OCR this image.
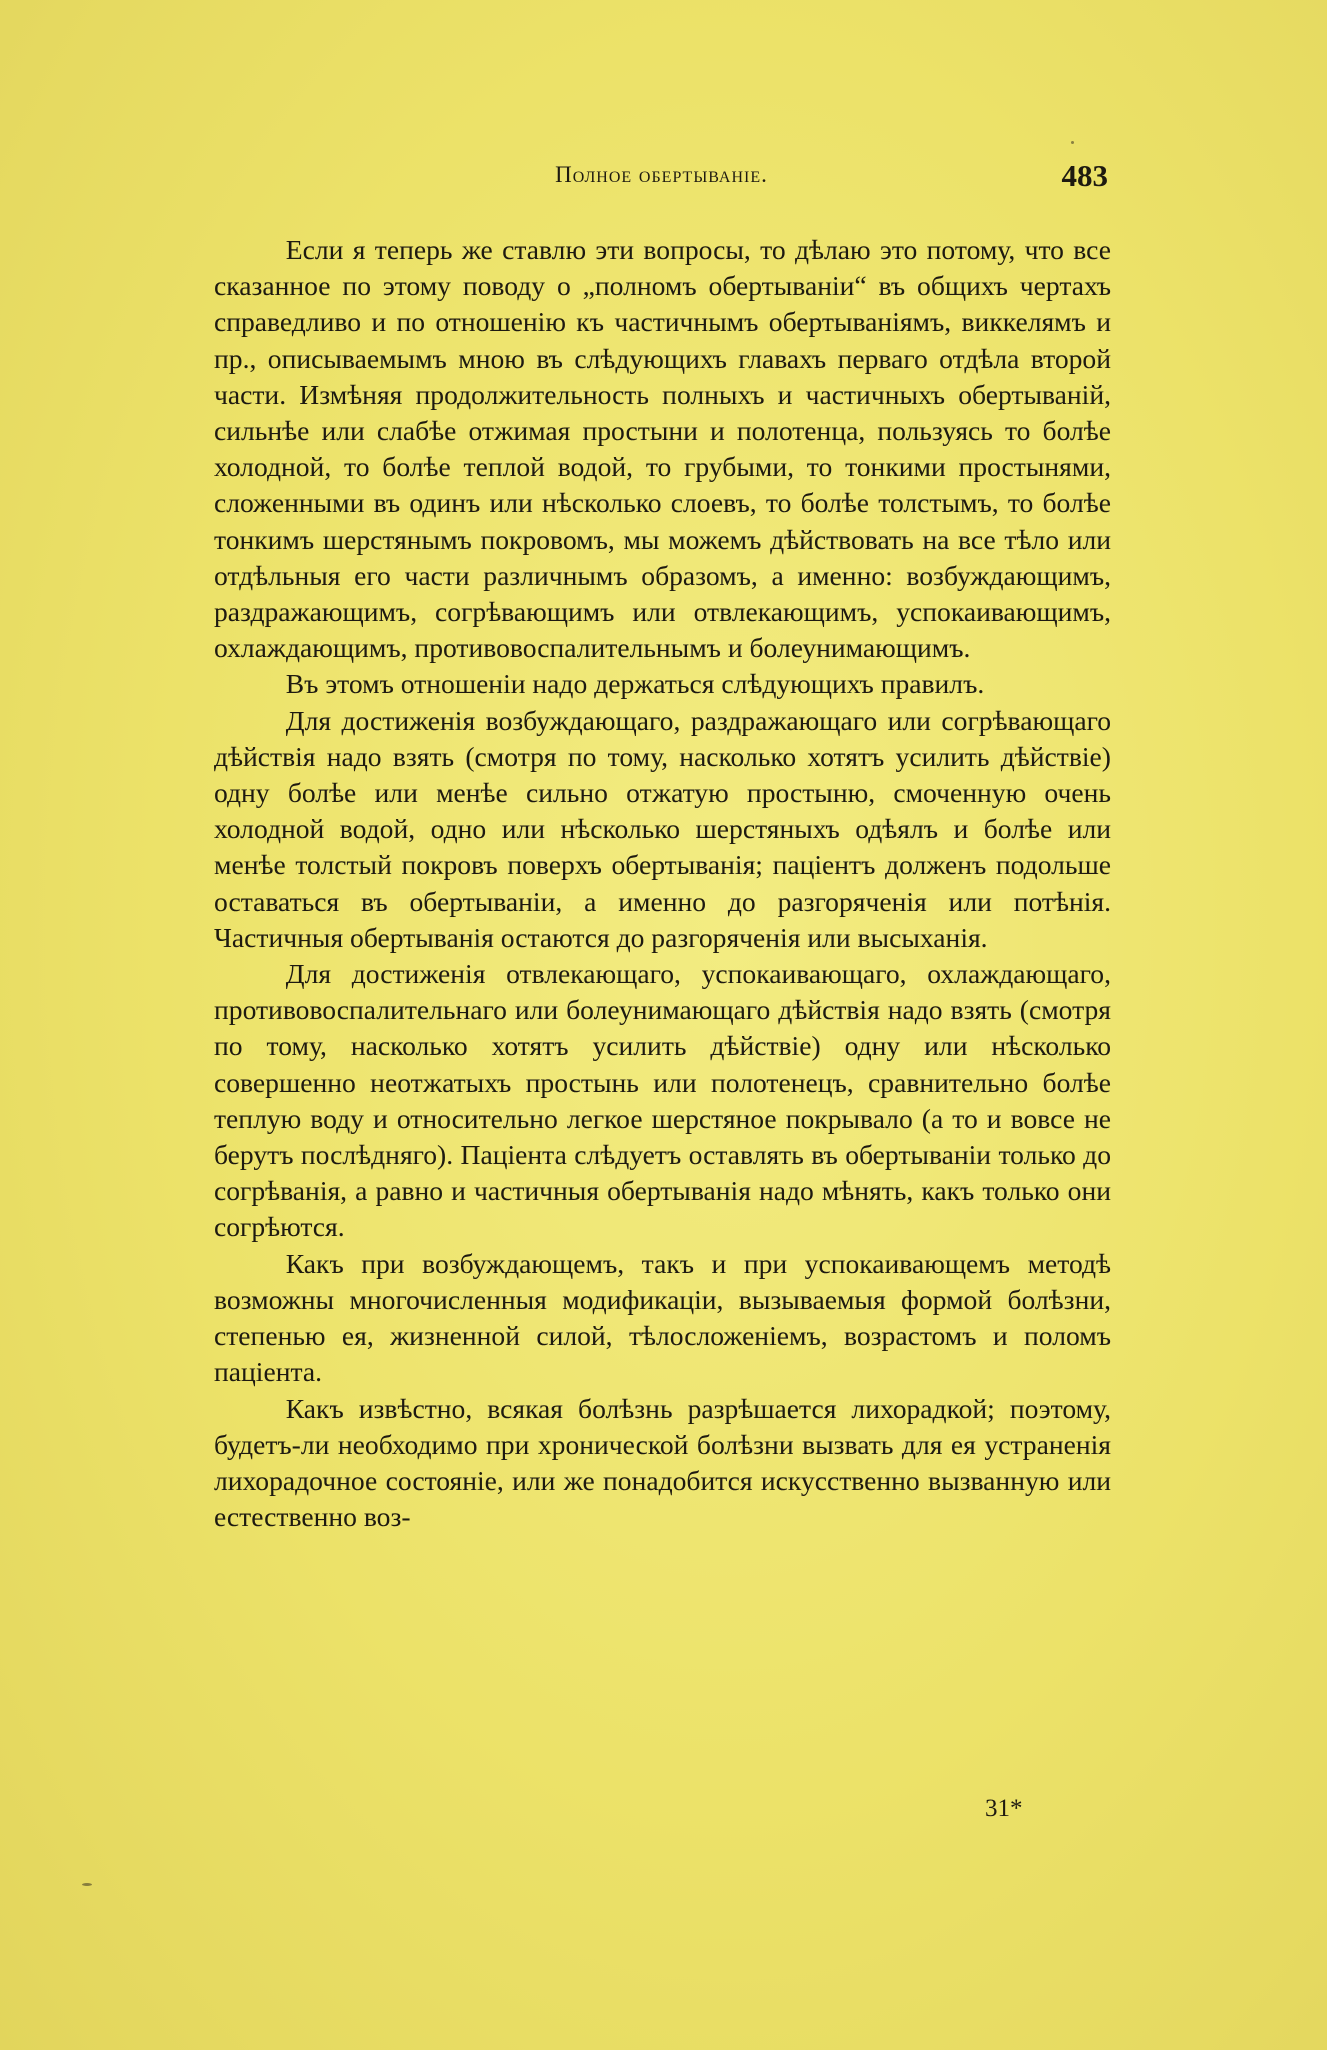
Полное обертываніе.	483

Если я теперь же ставлю эти вопросы, то дѣлаю это потому, что все сказанное по этому поводу о „полномъ обертываніи“ въ общихъ чертахъ справедливо и по отношенію къ частичнымъ обертываніямъ, виккелямъ и пр., описываемымъ мною въ слѣдующихъ главахъ перваго отдѣла второй части. Измѣняя продолжительность полныхъ и частичныхъ обертываній, сильнѣе или слабѣе отжимая простыни и полотенца, пользуясь то болѣе холодной, то болѣе теплой водой, то грубыми, то тонкими простынями, сложенными въ одинъ или нѣсколько слоевъ, то болѣе толстымъ, то болѣе тонкимъ шерстянымъ покровомъ, мы можемъ дѣйствовать на все тѣло или отдѣльныя его части различнымъ образомъ, а именно: возбуждающимъ, раздражающимъ, согрѣвающимъ или отвлекающимъ, успокаивающимъ, охлаждающимъ, противовоспалительнымъ и болеунимающимъ.

Въ этомъ отношеніи надо держаться слѣдующихъ правилъ.

Для достиженія возбуждающаго, раздражающаго или согрѣвающаго дѣйствія надо взять (смотря по тому, насколько хотятъ усилить дѣйствіе) одну болѣе или менѣе сильно отжатую простыню, смоченную очень холодной водой, одно или нѣсколько шерстяныхъ одѣялъ и болѣе или менѣе толстый покровъ поверхъ обертыванія; паціентъ долженъ подольше оставаться въ обертываніи, а именно до разгоряченія или потѣнія. Частичныя обертыванія остаются до разгоряченія или высыханія.

Для достиженія отвлекающаго, успокаивающаго, охлаждающаго, противовоспалительнаго или болеунимающаго дѣйствія надо взять (смотря по тому, насколько хотятъ усилить дѣйствіе) одну или нѣсколько совершенно неотжатыхъ простынь или полотенецъ, сравнительно болѣе теплую воду и относительно легкое шерстяное покрывало (а то и вовсе не берутъ послѣдняго). Паціента слѣдуетъ оставлять въ обертываніи только до согрѣванія, а равно и частичныя обертыванія надо мѣнять, какъ только они согрѣются.

Какъ при возбуждающемъ, такъ и при успокаивающемъ методѣ возможны многочисленныя модификаціи, вызываемыя формой болѣзни, степенью ея, жизненной силой, тѣлосложеніемъ, возрастомъ и поломъ паціента.

Какъ извѣстно, всякая болѣзнь разрѣшается лихорадкой; поэтому, будетъ-ли необходимо при хронической болѣзни вызвать для ея устраненія лихорадочное состояніе, или же понадобится искусственно вызванную или естественно воз-

31*
